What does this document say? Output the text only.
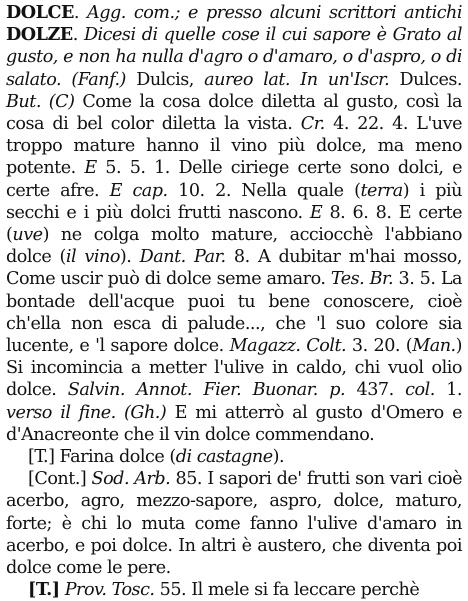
DOLCE. Agg. com.; e presso alcuni scrittori antichi DOLZE. Dicesi di quelle cose il cui sapore è Grato al gusto, e non ha nulla d'agro o d'amaro, o d'aspro, o di salato. (Fanf.) Dulcis, aureo lat. In un'Iscr. Dulces. But. (C) Come la cosa dolce diletta al gusto, così la cosa di bel color diletta la vista. Cr. 4. 22. 4. L'uve troppo mature hanno il vino più dolce, ma meno potente. E 5. 5. 1. Delle ciriege certe sono dolci, e certe afre. E cap. 10. 2. Nella quale (terra) i più secchi e i più dolci frutti nascono. E 8. 6. 8. E certe (uve) ne colga molto mature, acciocchè l'abbiano dolce (il vino). Dant. Par. 8. A dubitar m'hai mosso, Come uscir può di dolce seme amaro. Tes. Br. 3. 5. La bontade dell'acque puoi tu bene conoscere, cioè ch'ella non esca di palude..., che 'l suo colore sia lucente, e 'l sapore dolce. Magazz. Colt. 3. 20. (Man.) Si incomincia a metter l'ulive in caldo, chi vuol olio dolce. Salvin. Annot. Fier. Buonar. p. 437. col. 1. verso il fine. (Gh.) E mi atterrò al gusto d'Omero e d'Anacreonte che il vin dolce commendano.

[T.] Farina dolce (di castagne).

[Cont.] Sod. Arb. 85. I sapori de' frutti son vari cioè acerbo, agro, mezzo-sapore, aspro, dolce, maturo, forte; è chi lo muta come fanno l'ulive d'amaro in acerbo, e poi dolce. In altri è austero, che diventa poi dolce come le pere.

[T.] Prov. Tosc. 55. Il mele si fa leccare perchè
